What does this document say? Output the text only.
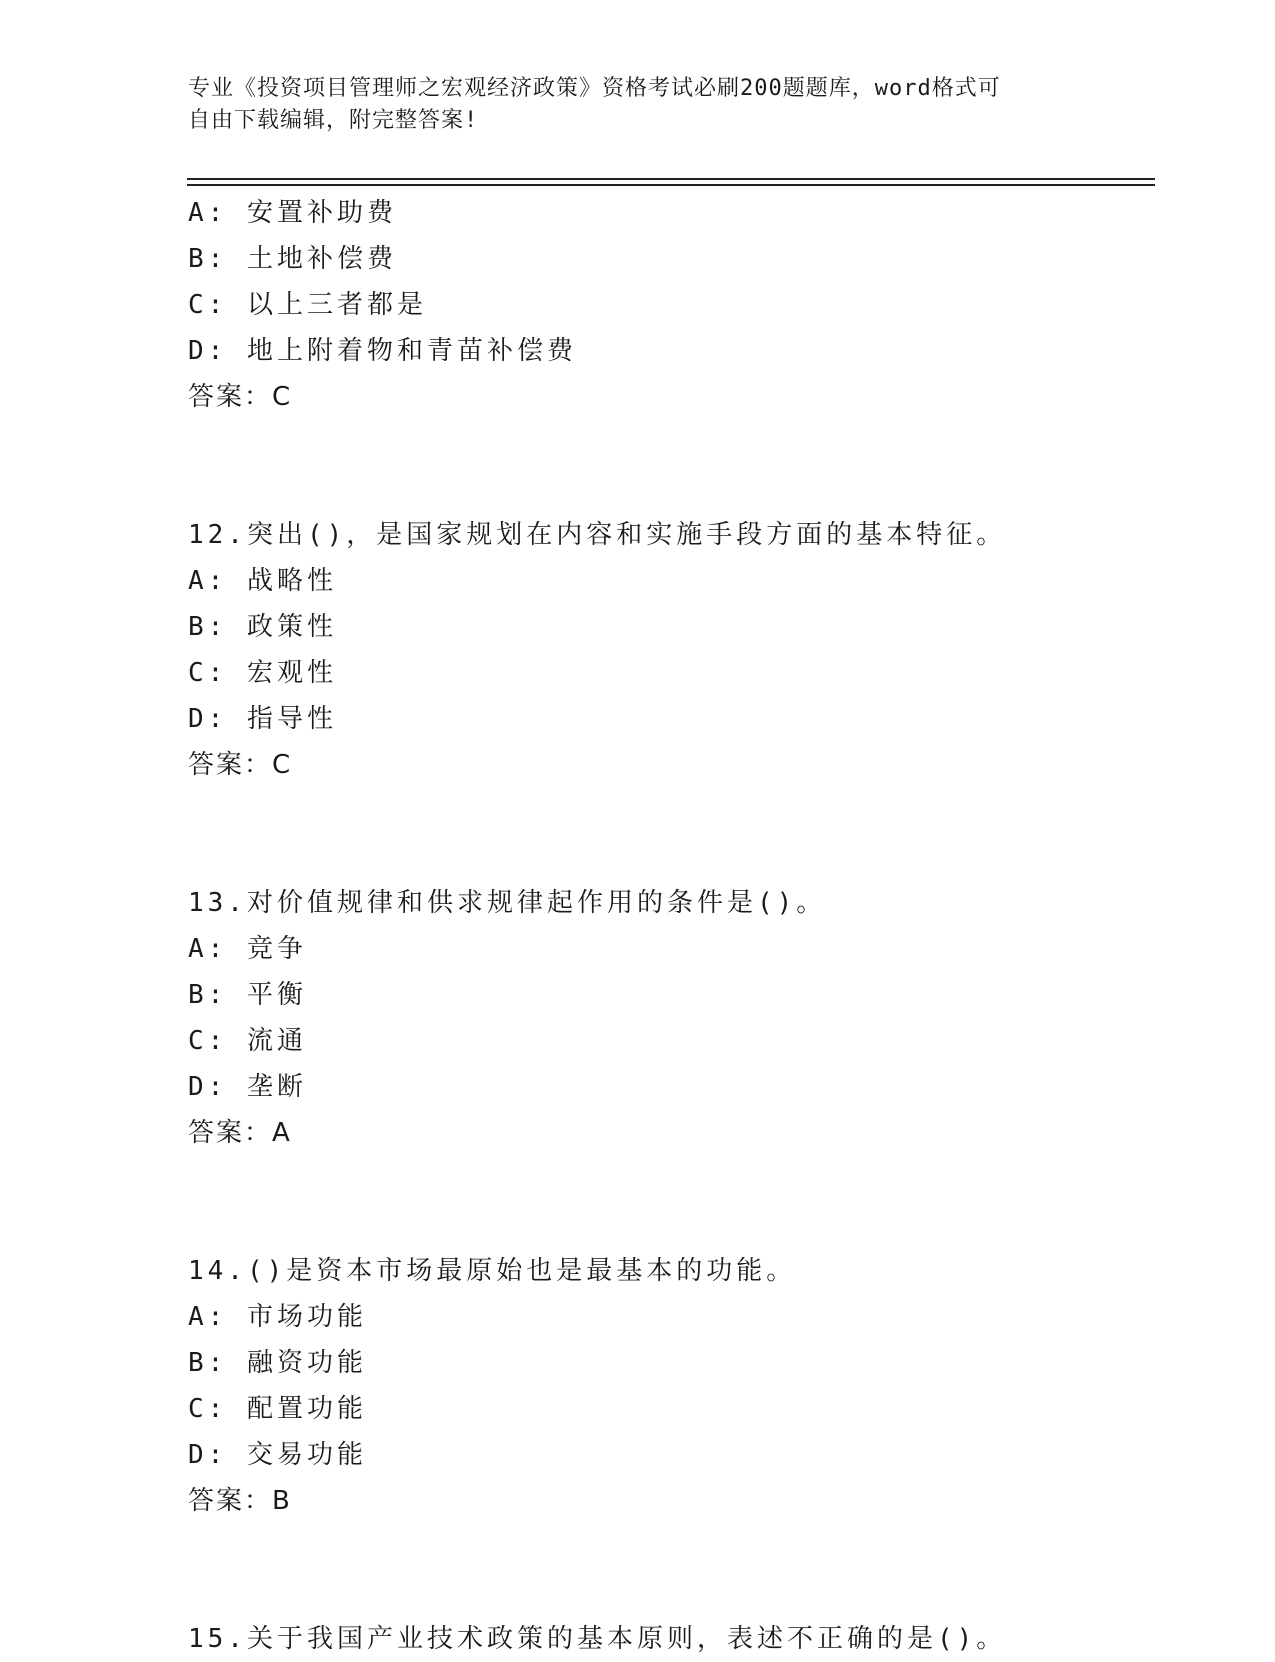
专业《投资项目管理师之宏观经济政策》资格考试必刷200题题库，word格式可
自由下载编辑，附完整答案!
A: 安置补助费
B: 土地补偿费
C: 以上三者都是
D: 地上附着物和青苗补偿费
答案：C
12.突出()，是国家规划在内容和实施手段方面的基本特征。
A: 战略性
B: 政策性
C: 宏观性
D: 指导性
答案：C
13.对价值规律和供求规律起作用的条件是()。
A: 竞争
B: 平衡
C: 流通
D: 垄断
答案：A
14.()是资本市场最原始也是最基本的功能。
A: 市场功能
B: 融资功能
C: 配置功能
D: 交易功能
答案：B
15.关于我国产业技术政策的基本原则，表述不正确的是()。
